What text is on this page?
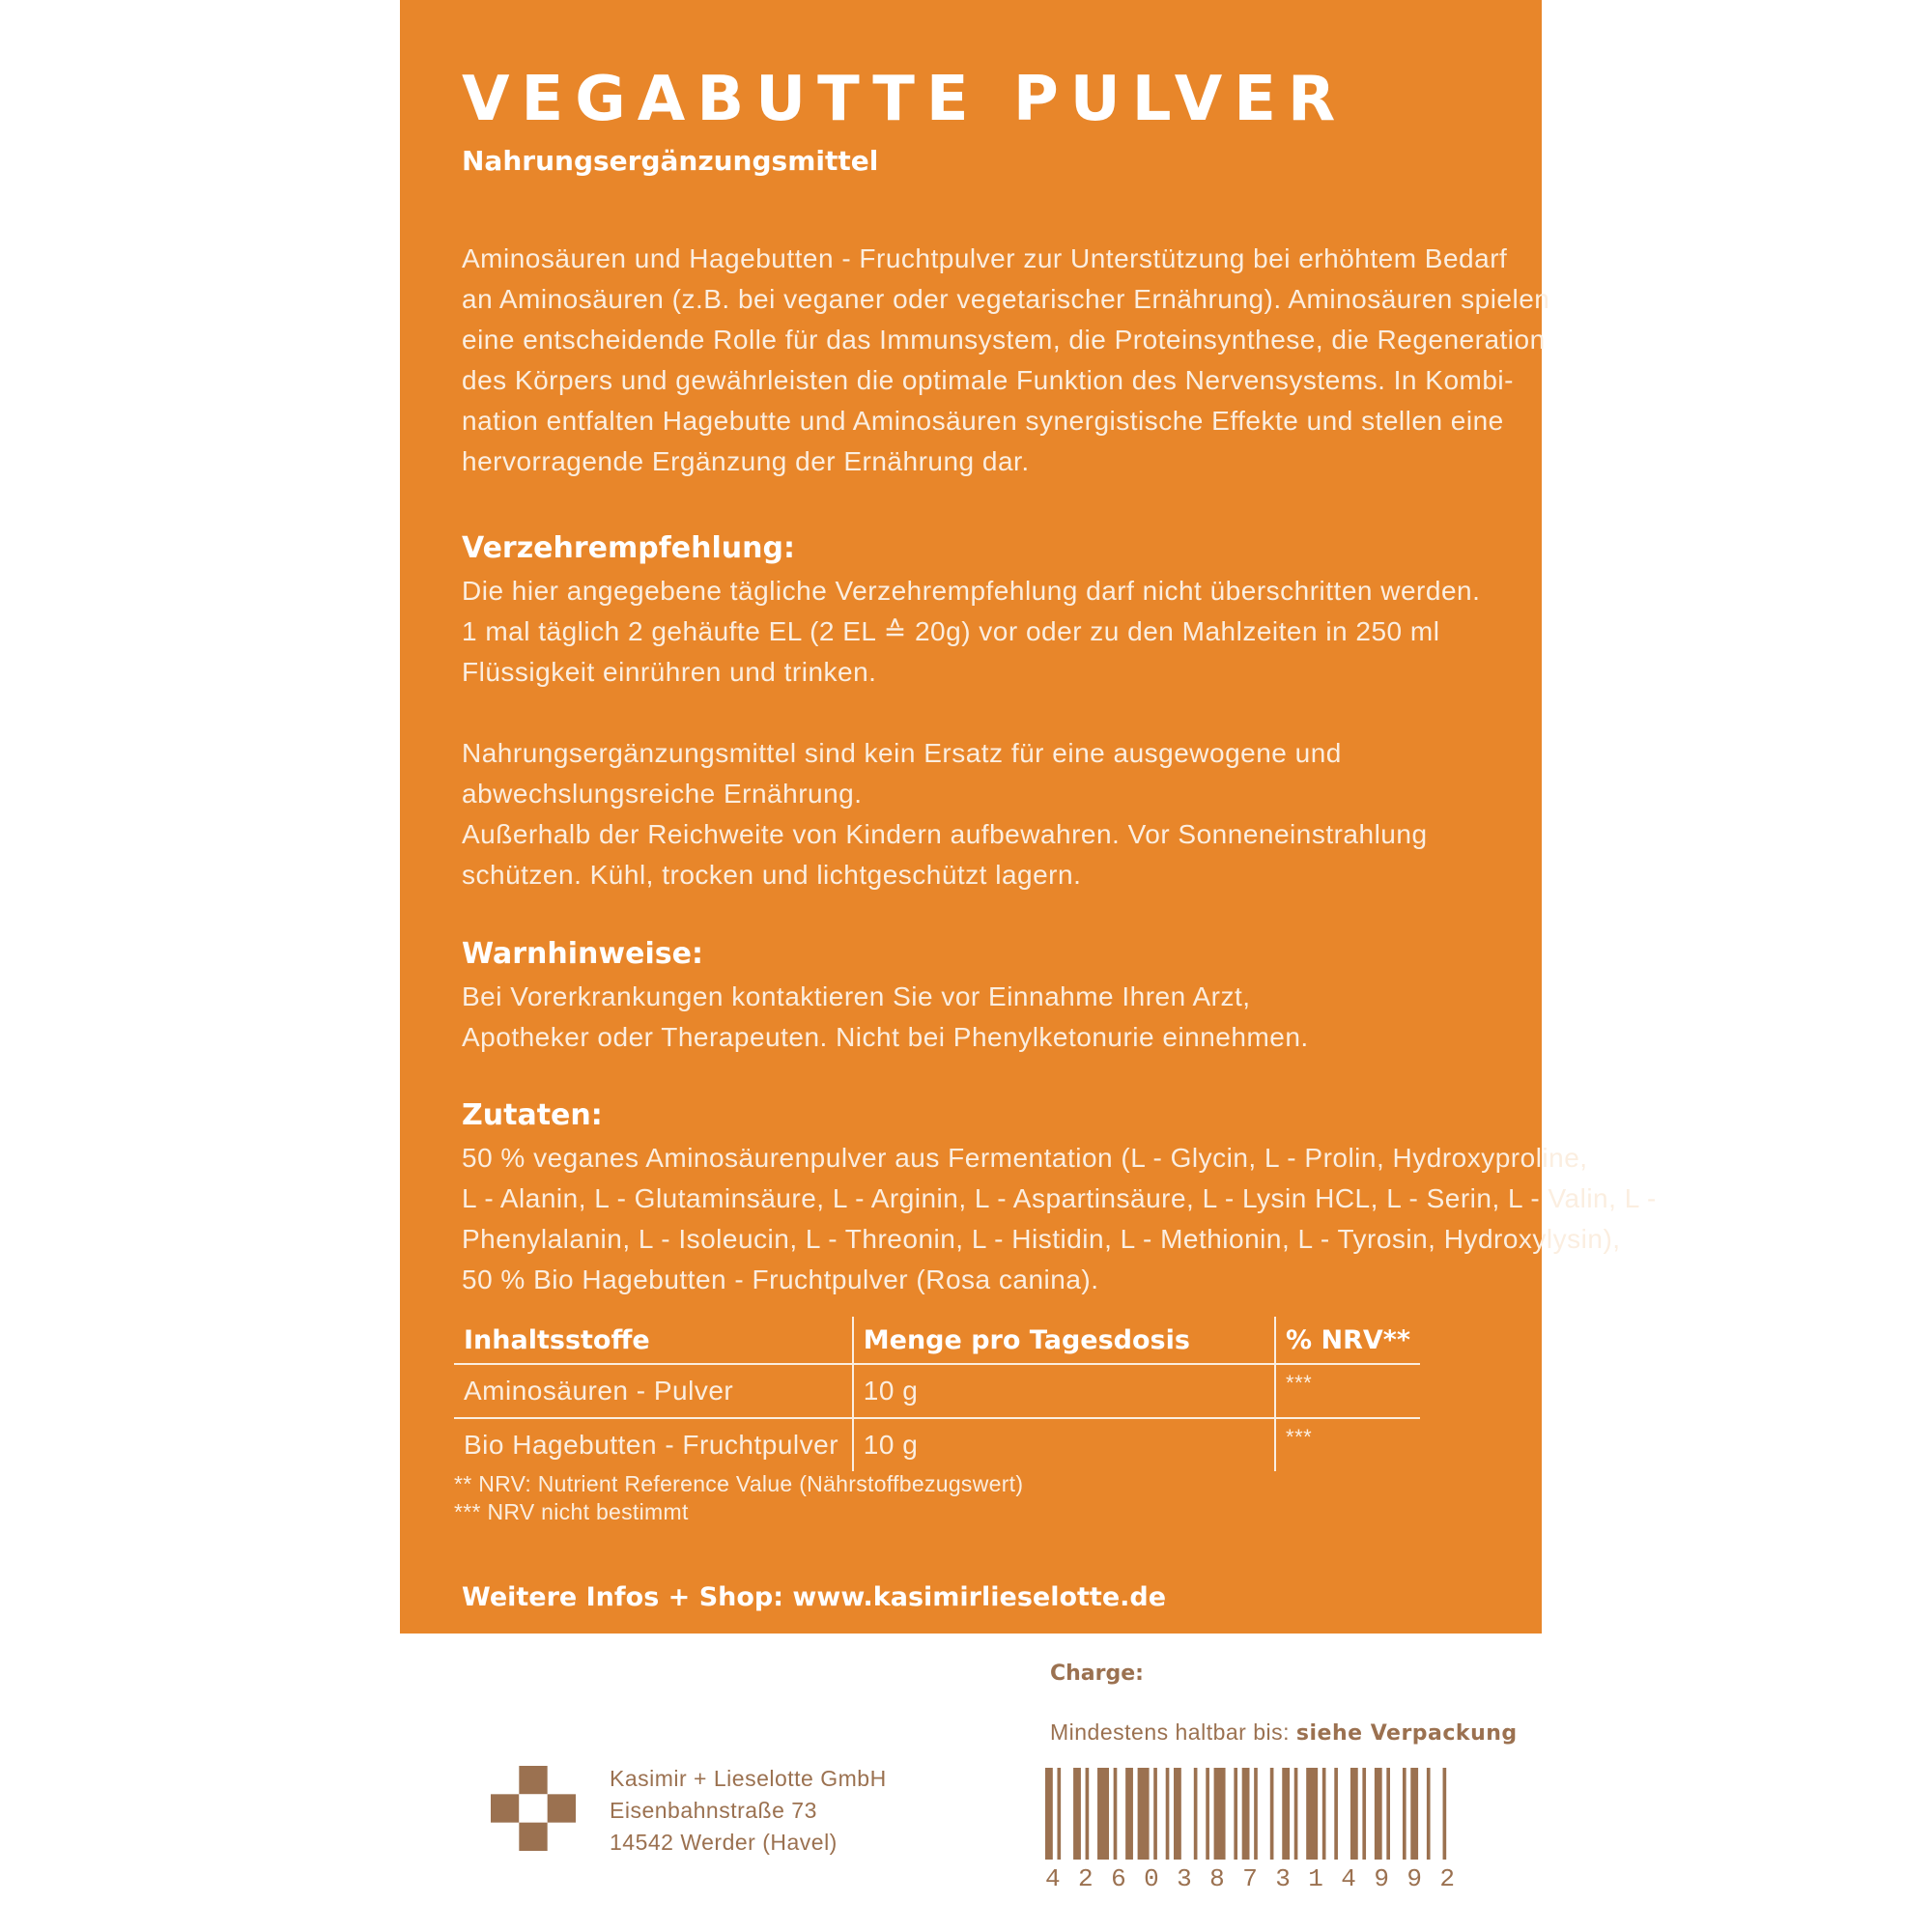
VEGABUTTE PULVER

Nahrungsergänzungsmittel

Aminosäuren und Hagebutten - Fruchtpulver zur Unterstützung bei erhöhtem Bedarf
an Aminosäuren (z.B. bei veganer oder vegetarischer Ernährung). Aminosäuren spielen
eine entscheidende Rolle für das Immunsystem, die Proteinsynthese, die Regeneration
des Körpers und gewährleisten die optimale Funktion des Nervensystems. In Kombi-
nation entfalten Hagebutte und Aminosäuren synergistische Effekte und stellen eine
hervorragende Ergänzung der Ernährung dar.

Verzehrempfehlung:

Die hier angegebene tägliche Verzehrempfehlung darf nicht überschritten werden.
1 mal täglich 2 gehäufte EL (2 EL ≙ 20g) vor oder zu den Mahlzeiten in 250 ml
Flüssigkeit einrühren und trinken.

Nahrungsergänzungsmittel sind kein Ersatz für eine ausgewogene und
abwechslungsreiche Ernährung.
Außerhalb der Reichweite von Kindern aufbewahren. Vor Sonneneinstrahlung
schützen. Kühl, trocken und lichtgeschützt lagern.

Warnhinweise:

Bei Vorerkrankungen kontaktieren Sie vor Einnahme Ihren Arzt,
Apotheker oder Therapeuten. Nicht bei Phenylketonurie einnehmen.

Zutaten:

50 % veganes Aminosäurenpulver aus Fermentation (L - Glycin, L - Prolin, Hydroxyproline,
L - Alanin, L - Glutaminsäure, L - Arginin, L - Aspartinsäure, L - Lysin HCL, L - Serin, L - Valin, L -
Phenylalanin, L - Isoleucin, L - Threonin, L - Histidin, L - Methionin, L - Tyrosin, Hydroxylysin),
50 % Bio Hagebutten - Fruchtpulver (Rosa canina).

Inhaltsstoffe	Menge pro Tagesdosis	% NRV**
Aminosäuren - Pulver	10 g	***
Bio Hagebutten - Fruchtpulver	10 g	***

** NRV: Nutrient Reference Value (Nährstoffbezugswert)

*** NRV nicht bestimmt

Weitere Infos + Shop: www.kasimirlieselotte.de

Charge:
Mindestens haltbar bis: siehe Verpackung
Kasimir + Lieselotte GmbH
Eisenbahnstraße 73
14542 Werder (Havel)
4 2 6 0 3 8 7 3 1 4 9 9 2
